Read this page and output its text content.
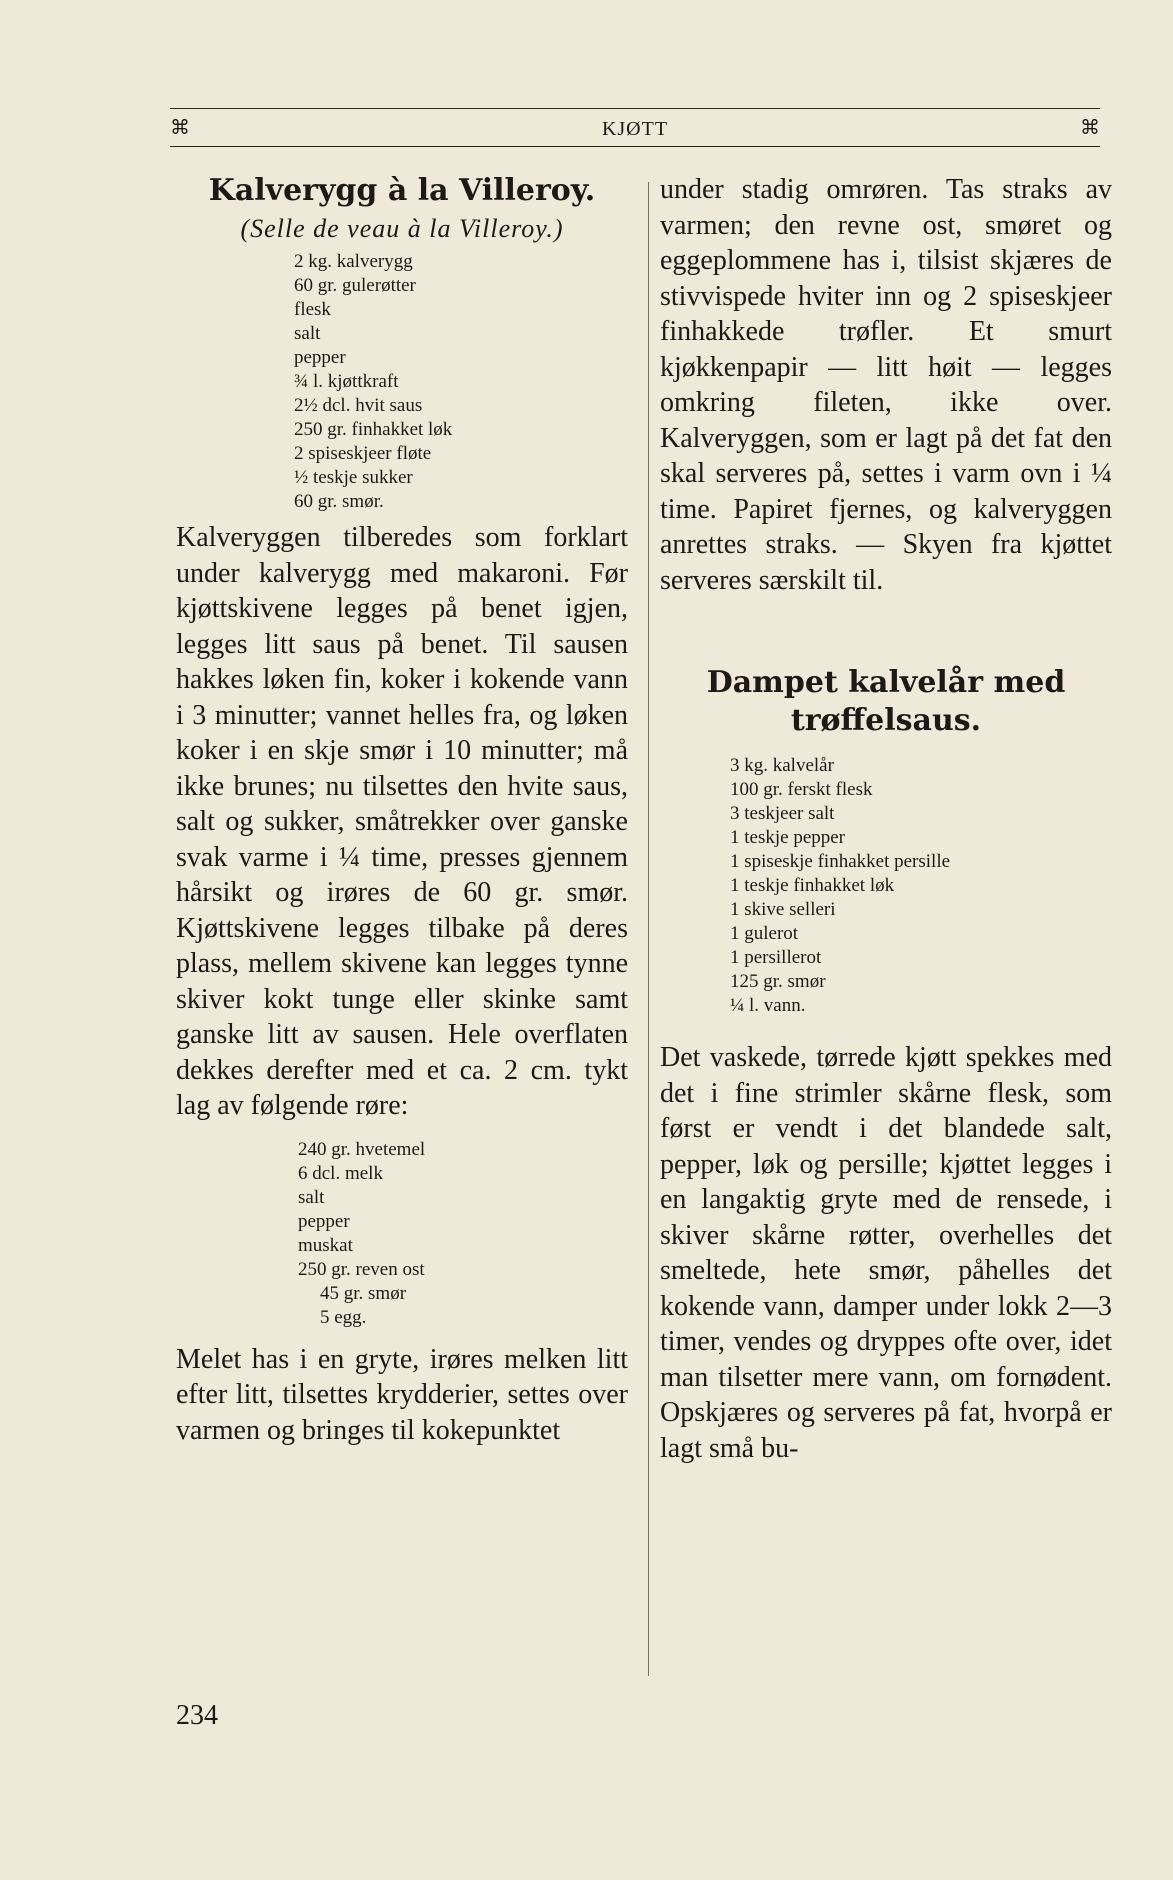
⌘	KJØTT	⌘
Kalverygg à la Villeroy.

(Selle de veau à la Villeroy.)

2 kg. kalverygg
60 gr. gulerøtter
flesk
salt
pepper
¾ l. kjøttkraft
2½ dcl. hvit saus
250 gr. finhakket løk
2 spiseskjeer fløte
½ teskje sukker
60 gr. smør.

Kalveryggen tilberedes som forklart under kalverygg med makaroni. Før kjøttskivene legges på benet igjen, legges litt saus på benet. Til sausen hakkes løken fin, koker i kokende vann i 3 minutter; vannet helles fra, og løken koker i en skje smør i 10 minutter; må ikke brunes; nu tilsettes den hvite saus, salt og sukker, småtrekker over ganske svak varme i ¼ time, presses gjennem hårsikt og irøres de 60 gr. smør. Kjøttskivene legges tilbake på deres plass, mellem skivene kan legges tynne skiver kokt tunge eller skinke samt ganske litt av sausen. Hele overflaten dekkes derefter med et ca. 2 cm. tykt lag av følgende røre:

240 gr. hvetemel
6 dcl. melk
salt
pepper
muskat
250 gr. reven ost
45 gr. smør
5 egg.

Melet has i en gryte, irøres melken litt efter litt, tilsettes krydderier, settes over varmen og bringes til kokepunktet

under stadig omrøren. Tas straks av varmen; den revne ost, smøret og eggeplommene has i, tilsist skjæres de stivvispede hviter inn og 2 spiseskjeer finhakkede trøfler. Et smurt kjøkkenpapir — litt høit — legges omkring fileten, ikke over. Kalveryggen, som er lagt på det fat den skal serveres på, settes i varm ovn i ¼ time. Papiret fjernes, og kalveryggen anrettes straks. — Skyen fra kjøttet serveres særskilt til.

Dampet kalvelår med trøffelsaus.
3 kg. kalvelår
100 gr. ferskt flesk
3 teskjeer salt
1 teskje pepper
1 spiseskje finhakket persille
1 teskje finhakket løk
1 skive selleri
1 gulerot
1 persillerot
125 gr. smør
¼ l. vann.

Det vaskede, tørrede kjøtt spekkes med det i fine strimler skårne flesk, som først er vendt i det blandede salt, pepper, løk og persille; kjøttet legges i en langaktig gryte med de rensede, i skiver skårne røtter, overhelles det smeltede, hete smør, påhelles det kokende vann, damper under lokk 2—3 timer, vendes og dryppes ofte over, idet man tilsetter mere vann, om fornødent. Opskjæres og serveres på fat, hvorpå er lagt små bu-

234
